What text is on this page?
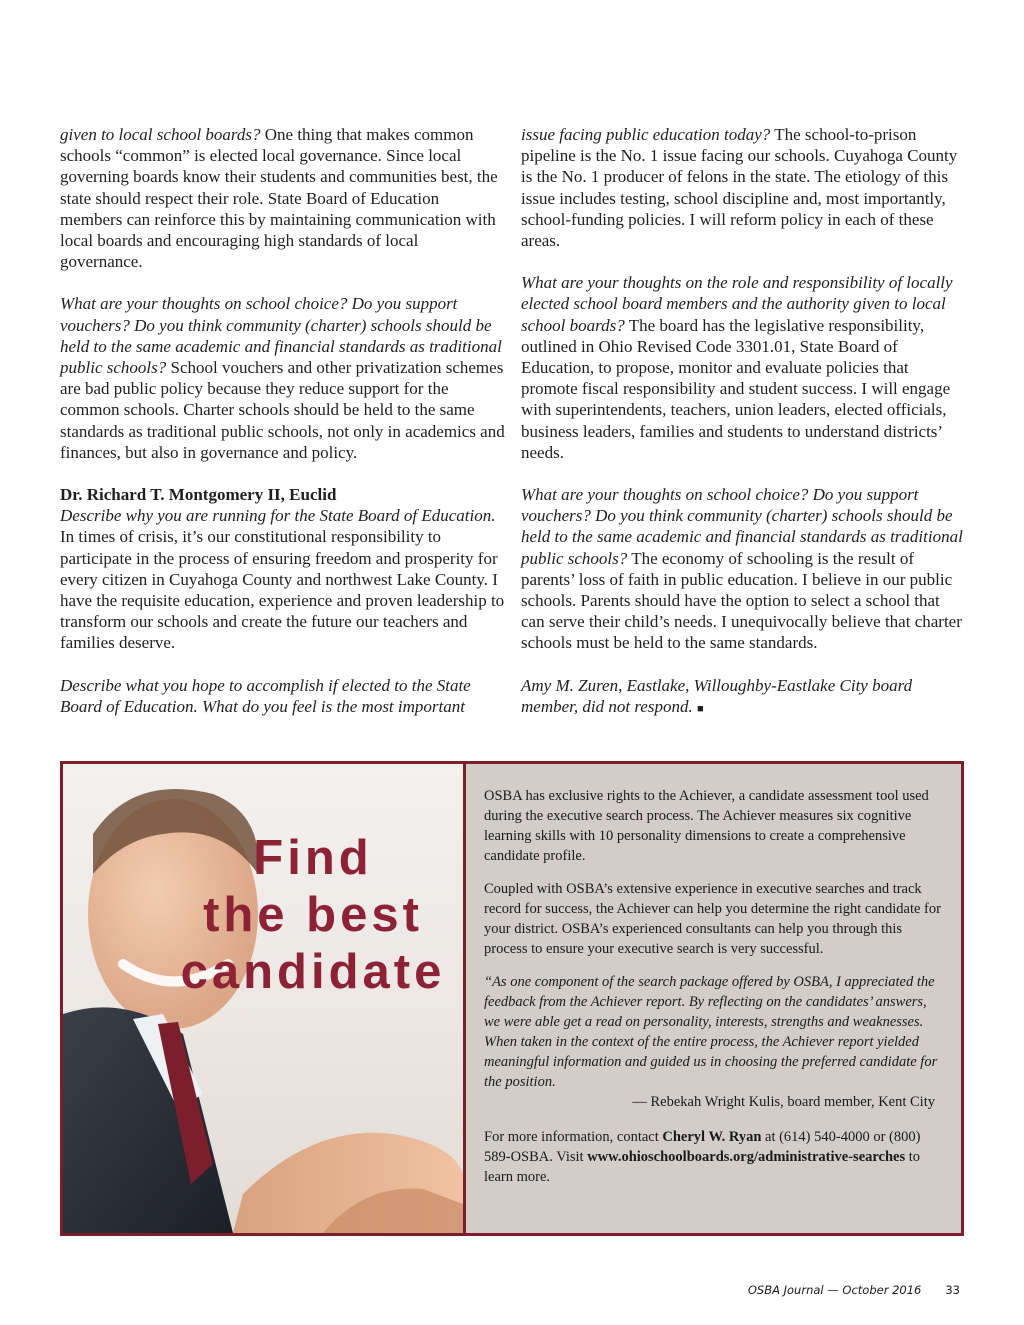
given to local school boards? One thing that makes common schools “common” is elected local governance. Since local governing boards know their students and communities best, the state should respect their role. State Board of Education members can reinforce this by maintaining communication with local boards and encouraging high standards of local governance.

What are your thoughts on school choice? Do you support vouchers? Do you think community (charter) schools should be held to the same academic and financial standards as traditional public schools? School vouchers and other privatization schemes are bad public policy because they reduce support for the common schools. Charter schools should be held to the same standards as traditional public schools, not only in academics and finances, but also in governance and policy.

Dr. Richard T. Montgomery II, Euclid

Describe why you are running for the State Board of Education. In times of crisis, it’s our constitutional responsibility to participate in the process of ensuring freedom and prosperity for every citizen in Cuyahoga County and northwest Lake County. I have the requisite education, experience and proven leadership to transform our schools and create the future our teachers and families deserve.

Describe what you hope to accomplish if elected to the State Board of Education. What do you feel is the most important

issue facing public education today? The school-to-prison pipeline is the No. 1 issue facing our schools. Cuyahoga County is the No. 1 producer of felons in the state. The etiology of this issue includes testing, school discipline and, most importantly, school-funding policies. I will reform policy in each of these areas.

What are your thoughts on the role and responsibility of locally elected school board members and the authority given to local school boards? The board has the legislative responsibility, outlined in Ohio Revised Code 3301.01, State Board of Education, to propose, monitor and evaluate policies that promote fiscal responsibility and student success. I will engage with superintendents, teachers, union leaders, elected officials, business leaders, families and students to understand districts’ needs.

What are your thoughts on school choice? Do you support vouchers? Do you think community (charter) schools should be held to the same academic and financial standards as traditional public schools? The economy of schooling is the result of parents’ loss of faith in public education. I believe in our public schools. Parents should have the option to select a school that can serve their child’s needs. I unequivocally believe that charter schools must be held to the same standards.

Amy M. Zuren, Eastlake, Willoughby-Eastlake City board member, did not respond. ■

Find
the best
candidate

OSBA has exclusive rights to the Achiever, a candidate assessment tool used during the executive search process. The Achiever measures six cognitive learning skills with 10 personality dimensions to create a comprehensive candidate profile.

Coupled with OSBA’s extensive experience in executive searches and track record for success, the Achiever can help you determine the right candidate for your district. OSBA’s experienced consultants can help you through this process to ensure your executive search is very successful.

“As one component of the search package offered by OSBA, I appreciated the feedback from the Achiever report. By reflecting on the candidates’ answers, we were able get a read on personality, interests, strengths and weaknesses. When taken in the context of the entire process, the Achiever report yielded meaningful information and guided us in choosing the preferred candidate for the position.

— Rebekah Wright Kulis, board member, Kent City

For more information, contact Cheryl W. Ryan at (614) 540-4000 or (800) 589-OSBA. Visit www.ohioschoolboards.org/administrative-searches to learn more.

OSBA Journal — October 2016 33
